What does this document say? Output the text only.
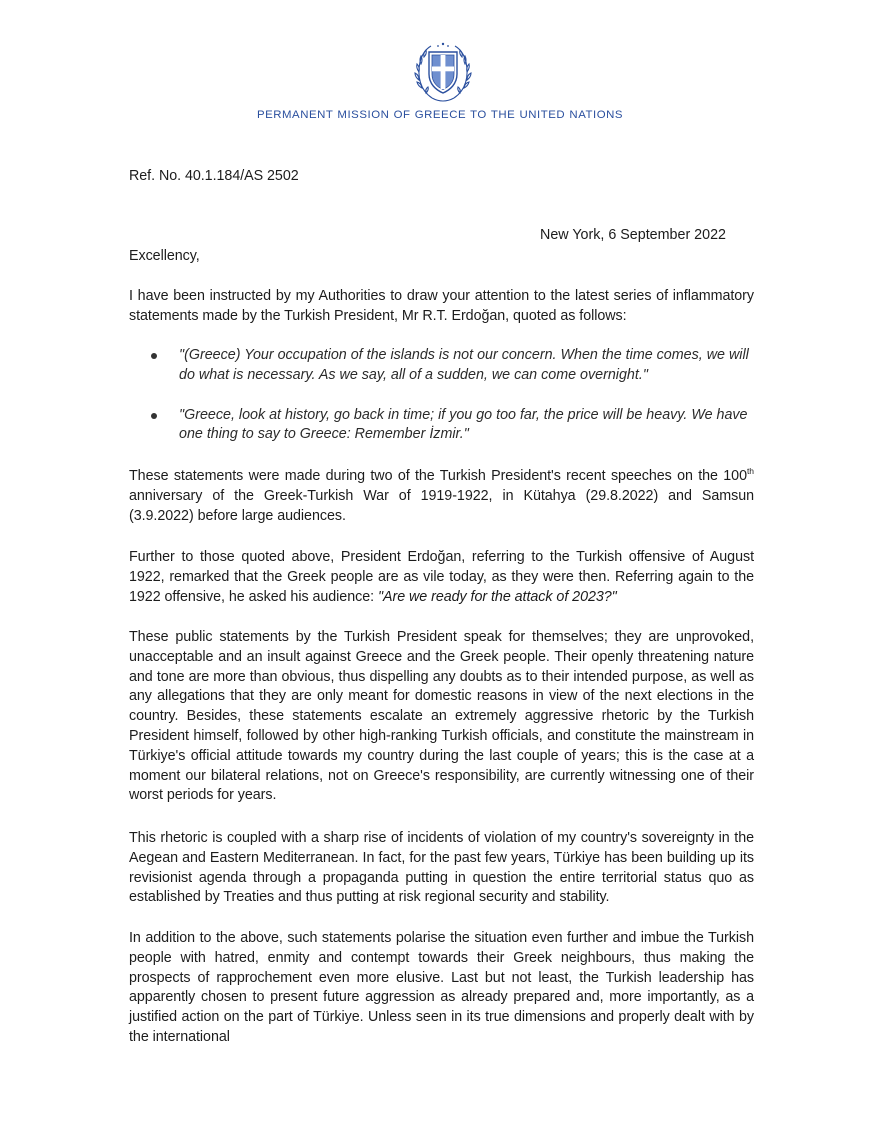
PERMANENT MISSION OF GREECE TO THE UNITED NATIONS
Ref. No. 40.1.184/AS 2502
New York, 6 September 2022
Excellency,
I have been instructed by my Authorities to draw your attention to the latest series of inflammatory statements made by the Turkish President, Mr R.T. Erdoğan, quoted as follows:
"(Greece) Your occupation of the islands is not our concern. When the time comes, we will do what is necessary. As we say, all of a sudden, we can come overnight."
"Greece, look at history, go back in time; if you go too far, the price will be heavy. We have one thing to say to Greece: Remember İzmir."
These statements were made during two of the Turkish President's recent speeches on the 100th anniversary of the Greek-Turkish War of 1919-1922, in Kütahya (29.8.2022) and Samsun (3.9.2022) before large audiences.
Further to those quoted above, President Erdoğan, referring to the Turkish offensive of August 1922, remarked that the Greek people are as vile today, as they were then. Referring again to the 1922 offensive, he asked his audience: "Are we ready for the attack of 2023?"
These public statements by the Turkish President speak for themselves; they are unprovoked, unacceptable and an insult against Greece and the Greek people. Their openly threatening nature and tone are more than obvious, thus dispelling any doubts as to their intended purpose, as well as any allegations that they are only meant for domestic reasons in view of the next elections in the country. Besides, these statements escalate an extremely aggressive rhetoric by the Turkish President himself, followed by other high-ranking Turkish officials, and constitute the mainstream in Türkiye's official attitude towards my country during the last couple of years; this is the case at a moment our bilateral relations, not on Greece's responsibility, are currently witnessing one of their worst periods for years.
This rhetoric is coupled with a sharp rise of incidents of violation of my country's sovereignty in the Aegean and Eastern Mediterranean. In fact, for the past few years, Türkiye has been building up its revisionist agenda through a propaganda putting in question the entire territorial status quo as established by Treaties and thus putting at risk regional security and stability.
In addition to the above, such statements polarise the situation even further and imbue the Turkish people with hatred, enmity and contempt towards their Greek neighbours, thus making the prospects of rapprochement even more elusive. Last but not least, the Turkish leadership has apparently chosen to present future aggression as already prepared and, more importantly, as a justified action on the part of Türkiye. Unless seen in its true dimensions and properly dealt with by the international
